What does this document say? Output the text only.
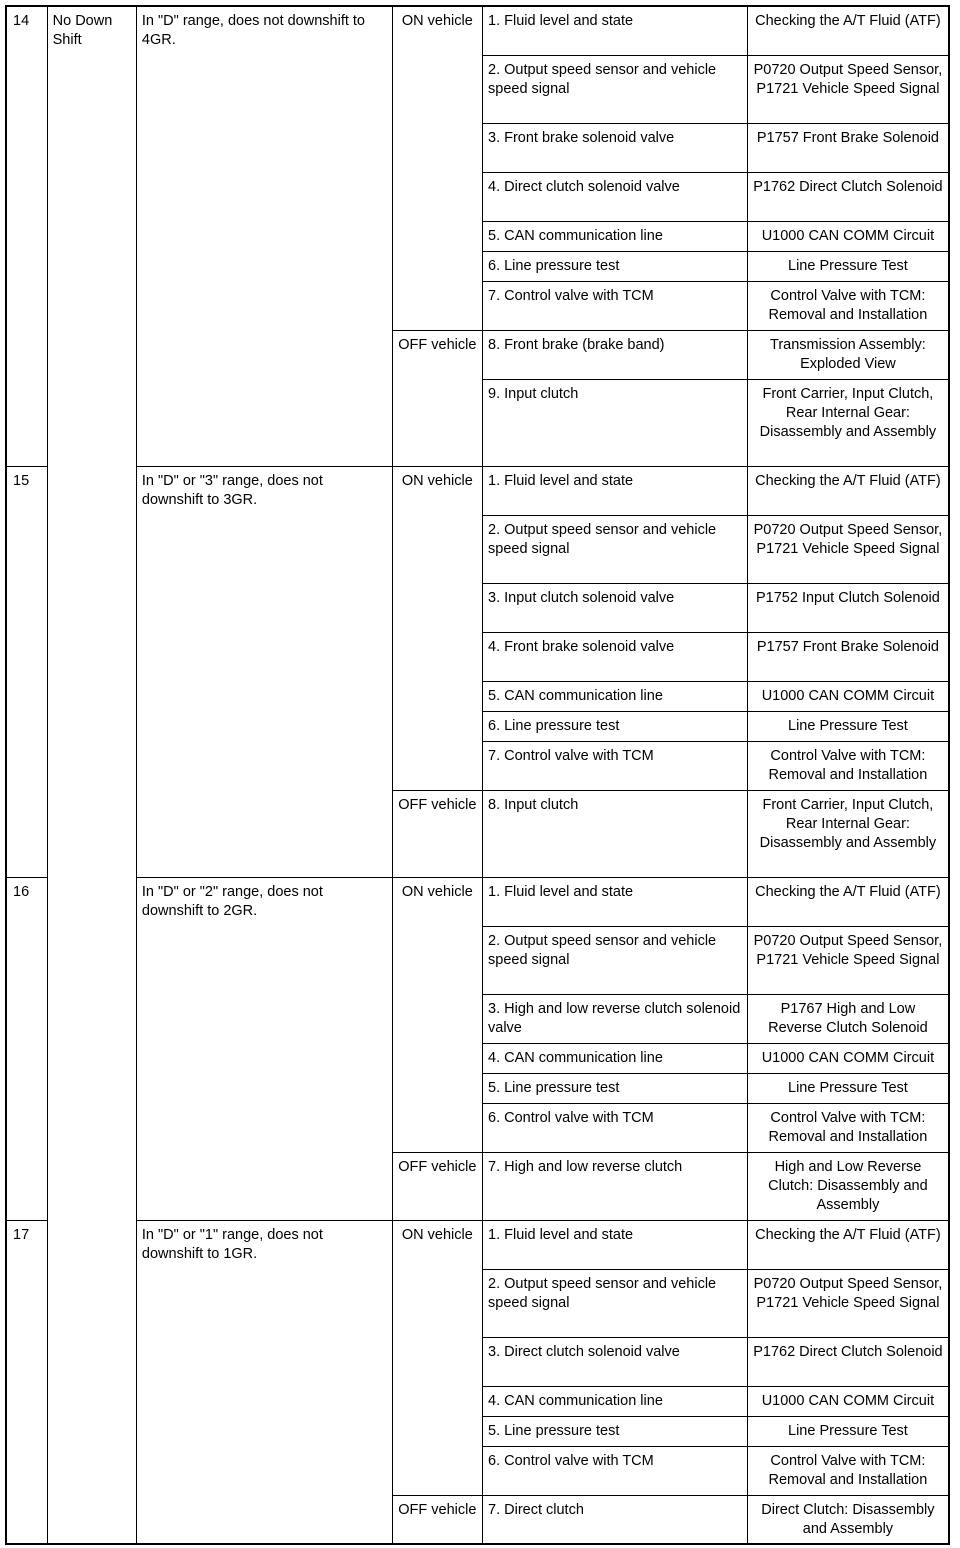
14	No Down Shift	In "D" range, does not downshift to 4GR.	ON vehicle	1. Fluid level and state	Checking the A/T Fluid (ATF)
				2. Output speed sensor and vehicle speed signal	P0720 Output Speed Sensor, P1721 Vehicle Speed Signal
				3. Front brake solenoid valve	P1757 Front Brake Solenoid
				4. Direct clutch solenoid valve	P1762 Direct Clutch Solenoid
				5. CAN communication line	U1000 CAN COMM Circuit
				6. Line pressure test	Line Pressure Test
				7. Control valve with TCM	Control Valve with TCM: Removal and Installation
			OFF vehicle	8. Front brake (brake band)	Transmission Assembly: Exploded View
				9. Input clutch	Front Carrier, Input Clutch, Rear Internal Gear: Disassembly and Assembly
15		In "D" or "3" range, does not downshift to 3GR.	ON vehicle	1. Fluid level and state	Checking the A/T Fluid (ATF)
				2. Output speed sensor and vehicle speed signal	P0720 Output Speed Sensor, P1721 Vehicle Speed Signal
				3. Input clutch solenoid valve	P1752 Input Clutch Solenoid
				4. Front brake solenoid valve	P1757 Front Brake Solenoid
				5. CAN communication line	U1000 CAN COMM Circuit
				6. Line pressure test	Line Pressure Test
				7. Control valve with TCM	Control Valve with TCM: Removal and Installation
			OFF vehicle	8. Input clutch	Front Carrier, Input Clutch, Rear Internal Gear: Disassembly and Assembly
16		In "D" or "2" range, does not downshift to 2GR.	ON vehicle	1. Fluid level and state	Checking the A/T Fluid (ATF)
				2. Output speed sensor and vehicle speed signal	P0720 Output Speed Sensor, P1721 Vehicle Speed Signal
				3. High and low reverse clutch solenoid valve	P1767 High and Low Reverse Clutch Solenoid
				4. CAN communication line	U1000 CAN COMM Circuit
				5. Line pressure test	Line Pressure Test
				6. Control valve with TCM	Control Valve with TCM: Removal and Installation
			OFF vehicle	7. High and low reverse clutch	High and Low Reverse Clutch: Disassembly and Assembly
17		In "D" or "1" range, does not downshift to 1GR.	ON vehicle	1. Fluid level and state	Checking the A/T Fluid (ATF)
				2. Output speed sensor and vehicle speed signal	P0720 Output Speed Sensor, P1721 Vehicle Speed Signal
				3. Direct clutch solenoid valve	P1762 Direct Clutch Solenoid
				4. CAN communication line	U1000 CAN COMM Circuit
				5. Line pressure test	Line Pressure Test
				6. Control valve with TCM	Control Valve with TCM: Removal and Installation
			OFF vehicle	7. Direct clutch	Direct Clutch: Disassembly and Assembly
